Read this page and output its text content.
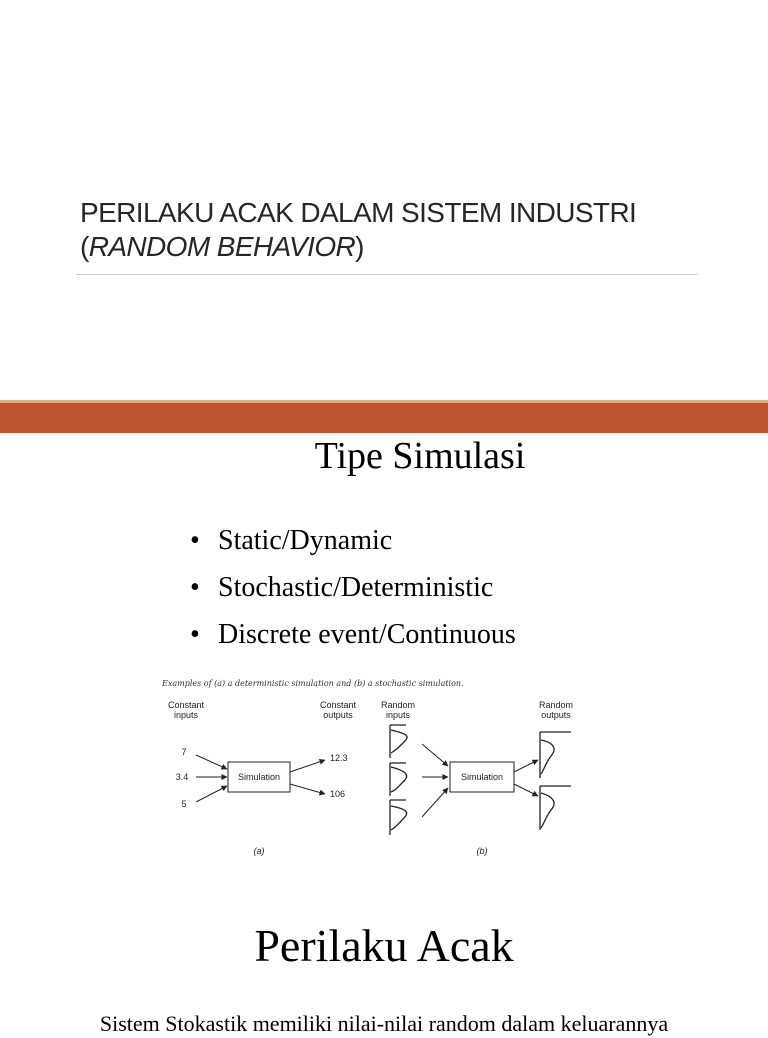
PERILAKU ACAK DALAM SISTEM INDUSTRI
(RANDOM BEHAVIOR)
Tipe Simulasi
• Static/Dynamic
• Stochastic/Deterministic
• Discrete event/Continuous
Examples of (a) a deterministic simulation and (b) a stochastic simulation.
Constant
inputs
Constant
outputs
7
3.4
5
Simulation
12.3
106
(a)
Random
inputs
Random
outputs
Simulation
(b)
Perilaku Acak
Sistem Stokastik memiliki nilai-nilai random dalam keluarannya
